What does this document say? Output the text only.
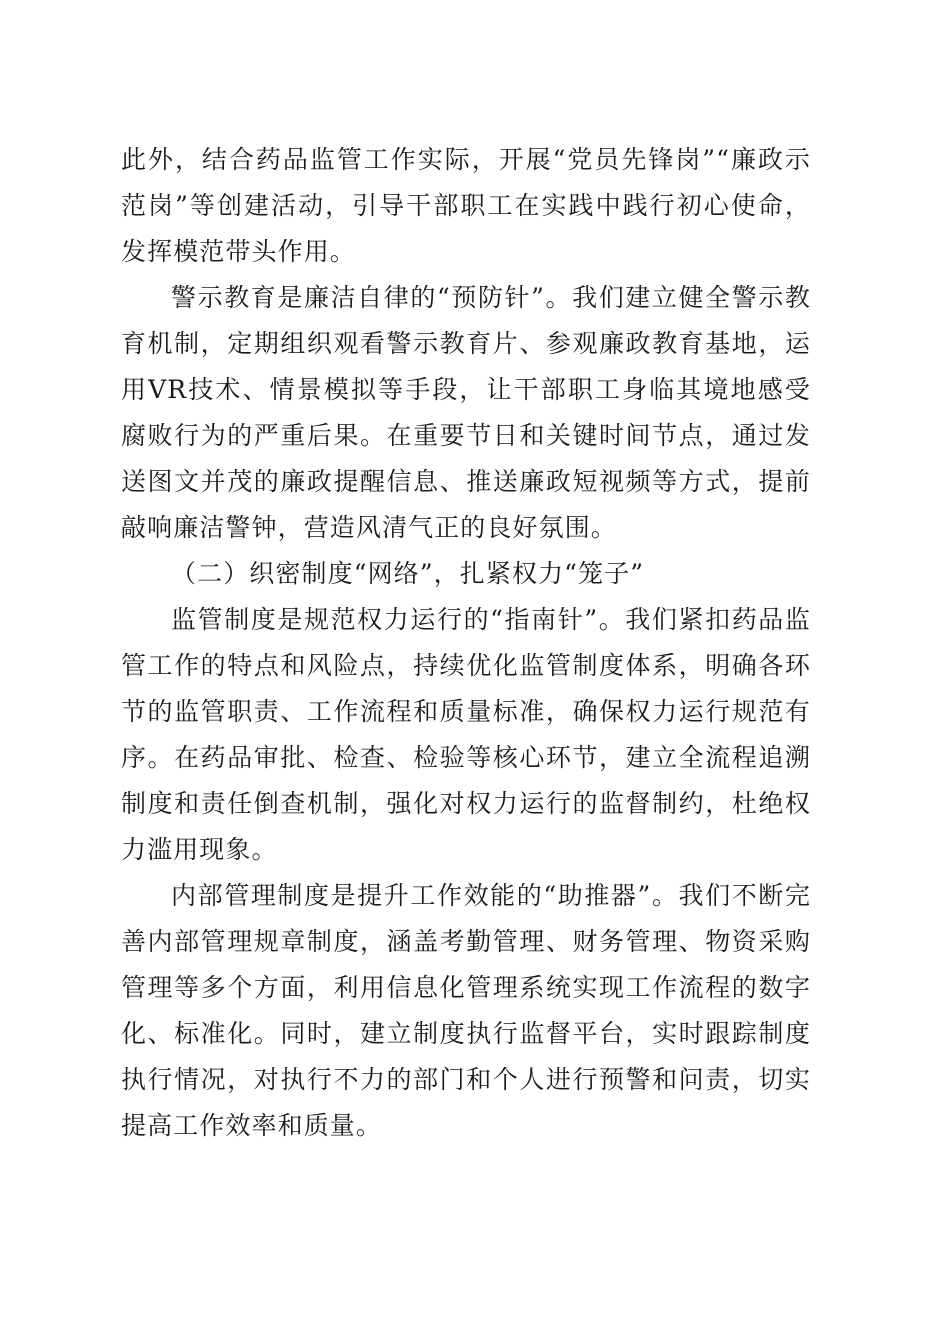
此外，结合药品监管工作实际，开展“党员先锋岗”“廉政示范岗”等创建活动，引导干部职工在实践中践行初心使命，发挥模范带头作用。

警示教育是廉洁自律的“预防针”。我们建立健全警示教育机制，定期组织观看警示教育片、参观廉政教育基地，运用VR技术、情景模拟等手段，让干部职工身临其境地感受腐败行为的严重后果。在重要节日和关键时间节点，通过发送图文并茂的廉政提醒信息、推送廉政短视频等方式，提前敲响廉洁警钟，营造风清气正的良好氛围。

（二）织密制度“网络”，扎紧权力“笼子”

监管制度是规范权力运行的“指南针”。我们紧扣药品监管工作的特点和风险点，持续优化监管制度体系，明确各环节的监管职责、工作流程和质量标准，确保权力运行规范有序。在药品审批、检查、检验等核心环节，建立全流程追溯制度和责任倒查机制，强化对权力运行的监督制约，杜绝权力滥用现象。

内部管理制度是提升工作效能的“助推器”。我们不断完善内部管理规章制度，涵盖考勤管理、财务管理、物资采购管理等多个方面，利用信息化管理系统实现工作流程的数字化、标准化。同时，建立制度执行监督平台，实时跟踪制度执行情况，对执行不力的部门和个人进行预警和问责，切实提高工作效率和质量。
